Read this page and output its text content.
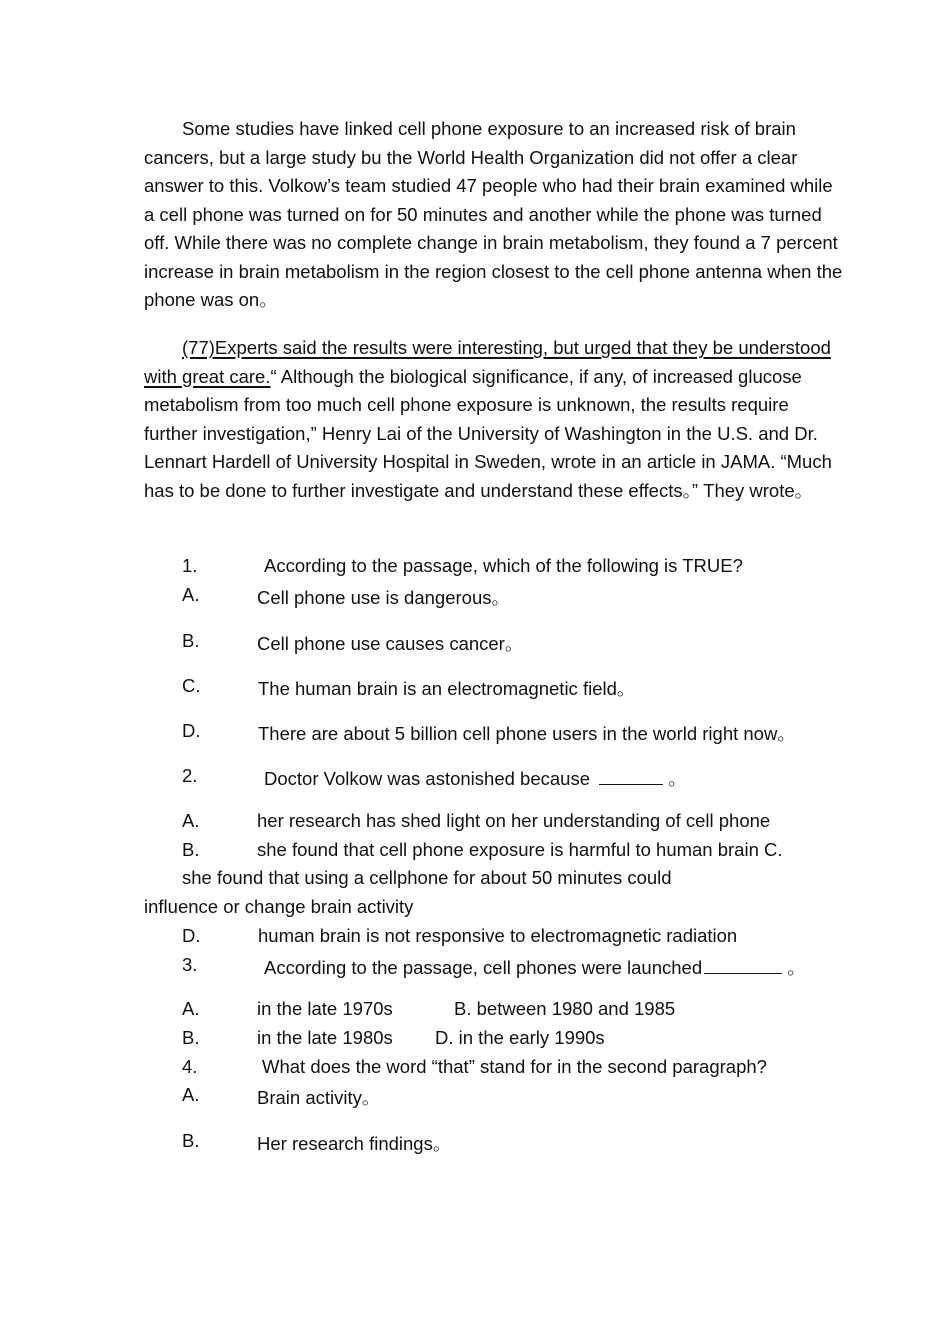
Some studies have linked cell phone exposure to an increased risk of brain cancers, but a large study bu the World Health Organization did not offer a clear answer to this. Volkow’s team studied 47 people who had their brain examined while a cell phone was turned on for 50 minutes and another while the phone was turned off. While there was no complete change in brain metabolism, they found a 7 percent increase in brain metabolism in the region closest to the cell phone antenna when the phone was on。

(77)Experts said the results were interesting, but urged that they be understood with great care.“ Although the biological significance, if any, of increased glucose metabolism from too much cell phone exposure is unknown, the results require further investigation,” Henry Lai of the University of Washington in the U.S. and Dr. Lennart Hardell of University Hospital in Sweden, wrote in an article in JAMA. “Much has to be done to further investigate and understand these effects。” They wrote。

1.	According to the passage, which of the following is TRUE?
A.	Cell phone use is dangerous。
B.	Cell phone use causes cancer。
C.	The human brain is an electromagnetic field。
D.	There are about 5 billion cell phone users in the world right now。
2.	Doctor Volkow was astonished because	。
A.	her research has shed light on her understanding of cell phone
B.	she found that cell phone exposure is harmful to human brain C.
she found that using a cellphone for about 50 minutes could
influence or change brain activity
D.	human brain is not responsive to electromagnetic radiation
3.	According to the passage, cell phones were launched	。
A.	in the late 1970s	B. between 1980 and 1985
B.	in the late 1980s D. in the early 1990s
4.	What does the word “that” stand for in the second paragraph?
A.	Brain activity。
B.	Her research findings。
